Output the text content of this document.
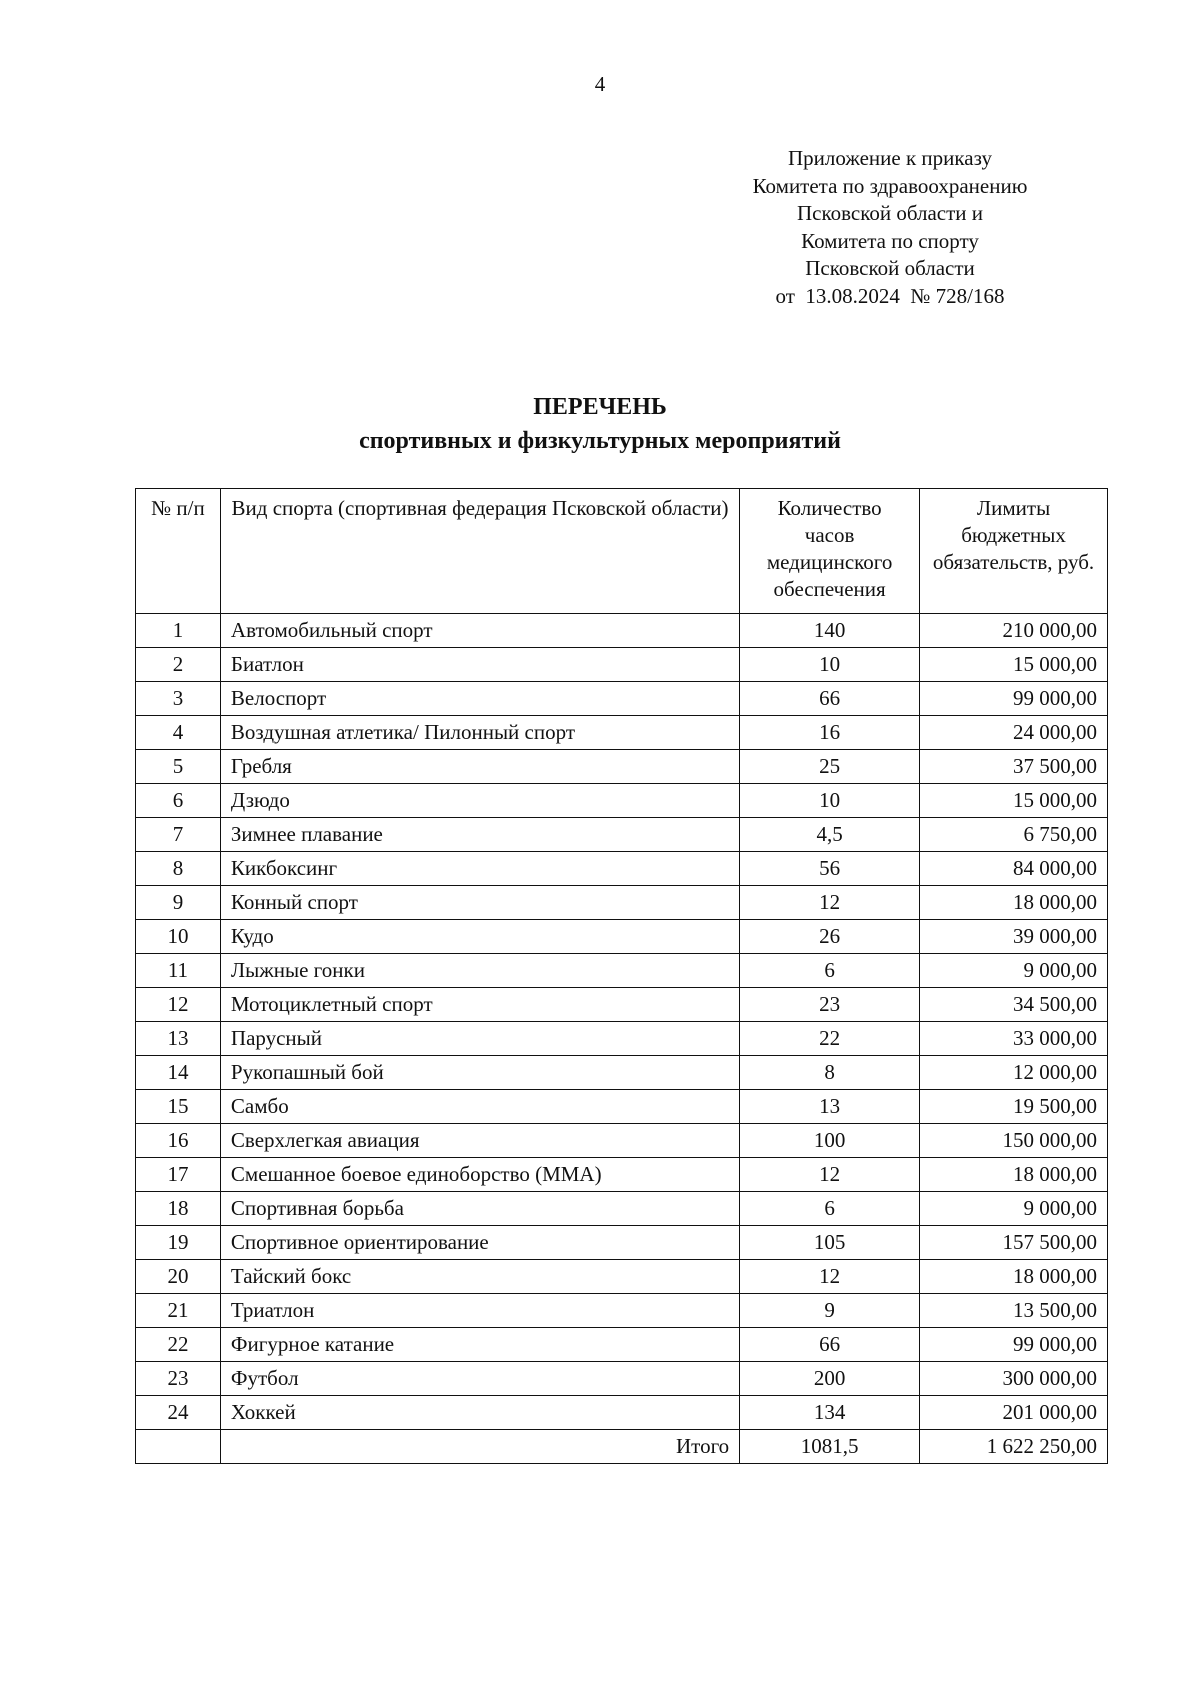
4
Приложение к приказу
Комитета по здравоохранению
Псковской области и
Комитета по спорту
Псковской области
от  13.08.2024  № 728/168
ПЕРЕЧЕНЬ
спортивных и физкультурных мероприятий
№ п/п	Вид спорта (спортивная федерация Псковской области)	Количество часов медицинского обеспечения	Лимиты бюджетных обязательств, руб.
1	Автомобильный спорт	140	210 000,00
2	Биатлон	10	15 000,00
3	Велоспорт	66	99 000,00
4	Воздушная атлетика/ Пилонный спорт	16	24 000,00
5	Гребля	25	37 500,00
6	Дзюдо	10	15 000,00
7	Зимнее плавание	4,5	6 750,00
8	Кикбоксинг	56	84 000,00
9	Конный спорт	12	18 000,00
10	Кудо	26	39 000,00
11	Лыжные гонки	6	9 000,00
12	Мотоциклетный спорт	23	34 500,00
13	Парусный	22	33 000,00
14	Рукопашный бой	8	12 000,00
15	Самбо	13	19 500,00
16	Сверхлегкая авиация	100	150 000,00
17	Смешанное боевое единоборство (ММА)	12	18 000,00
18	Спортивная борьба	6	9 000,00
19	Спортивное ориентирование	105	157 500,00
20	Тайский бокс	12	18 000,00
21	Триатлон	9	13 500,00
22	Фигурное катание	66	99 000,00
23	Футбол	200	300 000,00
24	Хоккей	134	201 000,00
	Итого	1081,5	1 622 250,00
